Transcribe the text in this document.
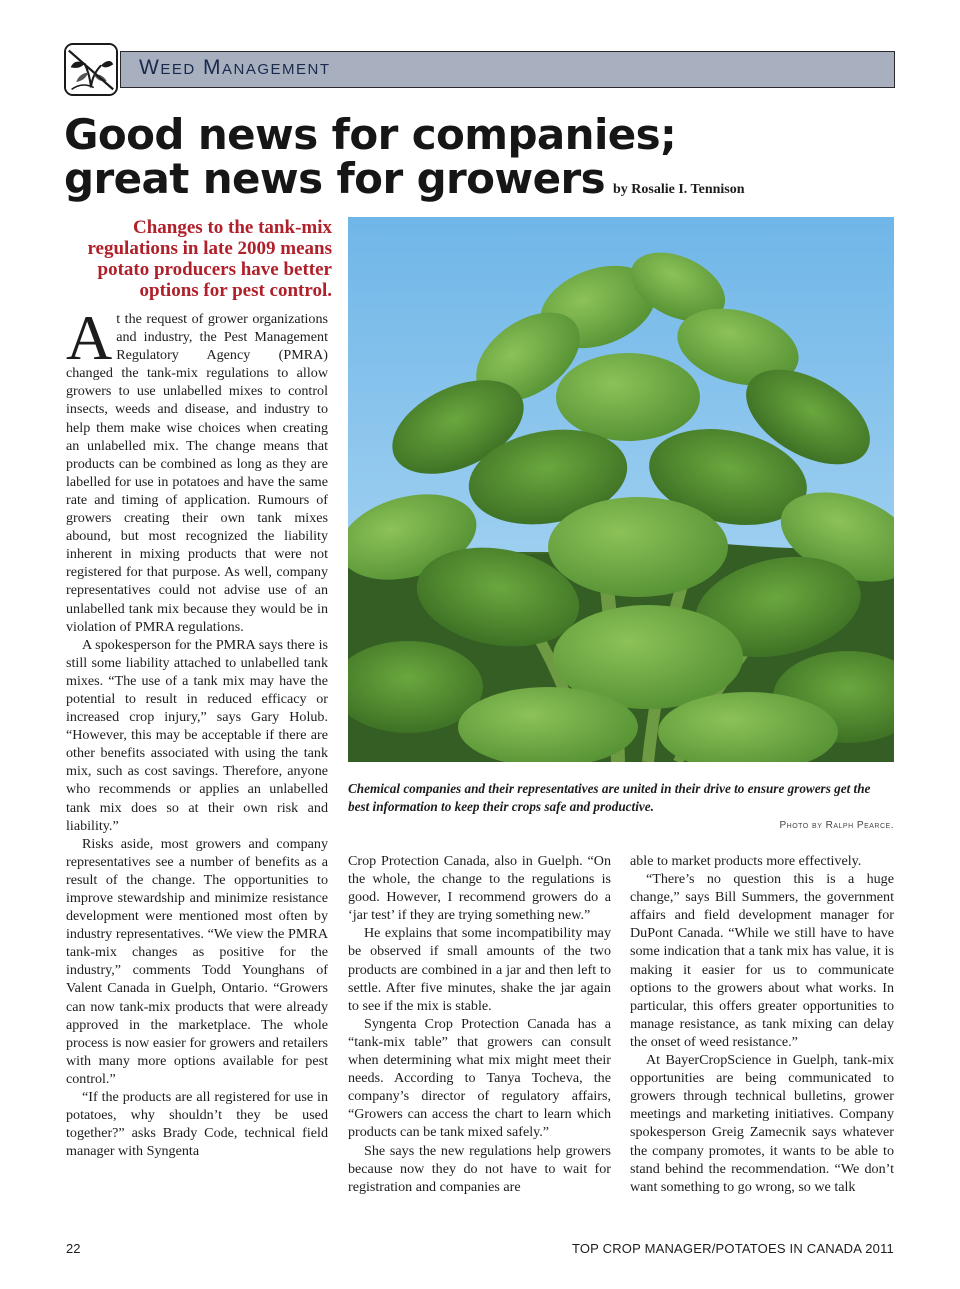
Weed Management
Good news for companies;
great news for growers by Rosalie I. Tennison
Changes to the tank-mix regulations in late 2009 means potato producers have better options for pest control.

At the request of grower organizations and industry, the Pest Management Regulatory Agency (PMRA) changed the tank-mix regulations to allow growers to use unlabelled mixes to control insects, weeds and disease, and industry to help them make wise choices when creating an unlabelled mix. The change means that products can be combined as long as they are labelled for use in potatoes and have the same rate and timing of application. Rumours of growers creating their own tank mixes abound, but most recognized the liability inherent in mixing products that were not registered for that purpose. As well, company representatives could not advise use of an unlabelled tank mix because they would be in violation of PMRA regulations.

A spokesperson for the PMRA says there is still some liability attached to unlabelled tank mixes. “The use of a tank mix may have the potential to result in reduced efficacy or increased crop injury,” says Gary Holub. “However, this may be acceptable if there are other benefits associated with using the tank mix, such as cost savings. Therefore, anyone who recommends or applies an unlabelled tank mix does so at their own risk and liability.”

Risks aside, most growers and company representatives see a number of benefits as a result of the change. The opportunities to improve stewardship and minimize resistance development were mentioned most often by industry representatives. “We view the PMRA tank-mix changes as positive for the industry,” comments Todd Younghans of Valent Canada in Guelph, Ontario. “Growers can now tank-mix products that were already approved in the marketplace. The whole process is now easier for growers and retailers with many more options available for pest control.”

“If the products are all registered for use in potatoes, why shouldn’t they be used together?” asks Brady Code, technical field manager with Syngenta

Chemical companies and their representatives are united in their drive to ensure growers get the best information to keep their crops safe and productive.
Photo by Ralph Pearce.

Crop Protection Canada, also in Guelph. “On the whole, the change to the regulations is good. However, I recommend growers do a ‘jar test’ if they are trying something new.”

He explains that some incompatibility may be observed if small amounts of the two products are combined in a jar and then left to settle. After five minutes, shake the jar again to see if the mix is stable.

Syngenta Crop Protection Canada has a “tank-mix table” that growers can consult when determining what mix might meet their needs. According to Tanya Tocheva, the company’s director of regulatory affairs, “Growers can access the chart to learn which products can be tank mixed safely.”

She says the new regulations help growers because now they do not have to wait for registration and companies are

able to market products more effectively.

“There’s no question this is a huge change,” says Bill Summers, the government affairs and field development manager for DuPont Canada. “While we still have to have some indication that a tank mix has value, it is making it easier for us to communicate options to the growers about what works. In particular, this offers greater opportunities to manage resistance, as tank mixing can delay the onset of weed resistance.”

At BayerCropScience in Guelph, tank-mix opportunities are being communicated to growers through technical bulletins, grower meetings and marketing initiatives. Company spokesperson Greig Zamecnik says whatever the company promotes, it wants to be able to stand behind the recommendation. “We don’t want something to go wrong, so we talk

22	TOP CROP MANAGER/POTATOES IN CANADA 2011
